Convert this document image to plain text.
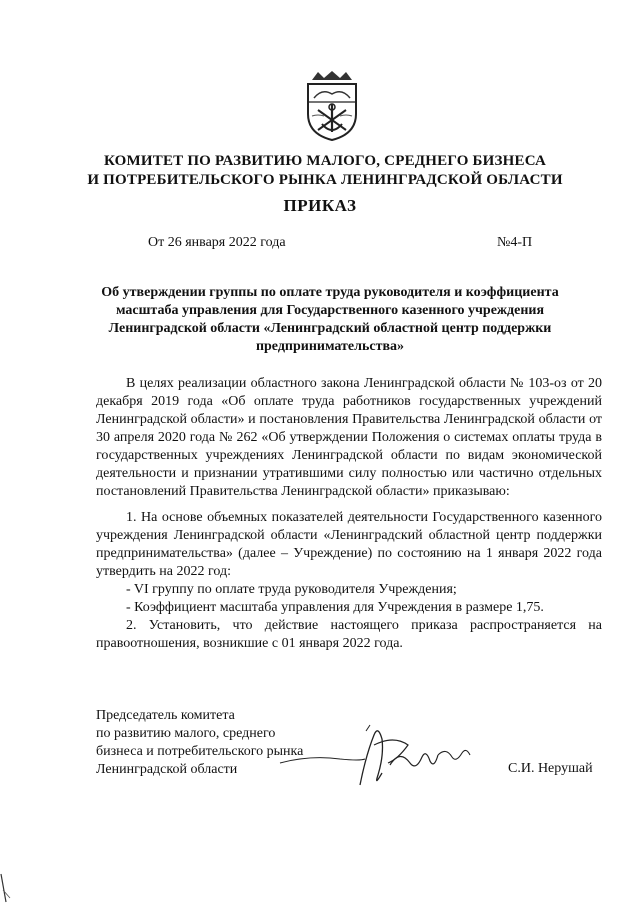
КОМИТЕТ ПО РАЗВИТИЮ МАЛОГО, СРЕДНЕГО БИЗНЕСА
И ПОТРЕБИТЕЛЬСКОГО РЫНКА ЛЕНИНГРАДСКОЙ ОБЛАСТИ
ПРИКАЗ
От 26 января 2022 года	№4-П
Об утверждении группы по оплате труда руководителя и коэффициента
масштаба управления для Государственного казенного учреждения
Ленинградской области «Ленинградский областной центр поддержки
предпринимательства»

В целях реализации областного закона Ленинградской области № 103-оз от 20 декабря 2019 года «Об оплате труда работников государственных учреждений Ленинградской области» и постановления Правительства Ленинградской области от 30 апреля 2020 года № 262 «Об утверждении Положения о системах оплаты труда в государственных учреждениях Ленинградской области по видам экономической деятельности и признании утратившими силу полностью или частично отдельных постановлений Правительства Ленинградской области» приказываю:

1. На основе объемных показателей деятельности Государственного казенного учреждения Ленинградской области «Ленинградский областной центр поддержки предпринимательства» (далее – Учреждение) по состоянию на 1 января 2022 года утвердить на 2022 год:

- VI группу по оплате труда руководителя Учреждения;

- Коэффициент масштаба управления для Учреждения в размере 1,75.

2. Установить, что действие настоящего приказа распространяется на правоотношения, возникшие с 01 января 2022 года.

Председатель комитета
по развитию малого, среднего
бизнеса и потребительского рынка
Ленинградской области	С.И. Нерушай
